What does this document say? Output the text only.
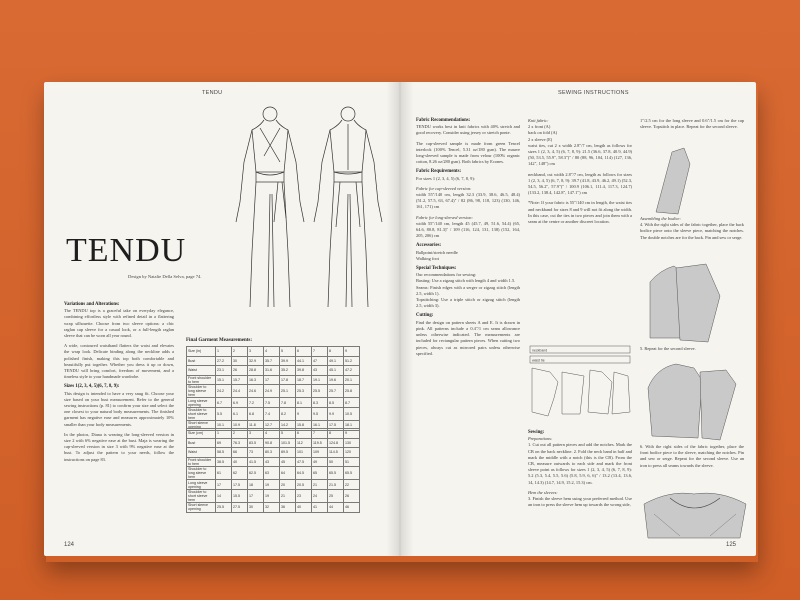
TENDU
TENDU
Design by Natalie Della Selva, page 74.
Variations and Alterations:

The TENDU top is a graceful take on everyday elegance, combining effortless style with refined detail in a flattering wrap silhouette. Choose from two sleeve options: a chic raglan cap sleeve for a casual look, or a full-length raglan sleeve that can be worn all year round.

A wide, contoured waistband flatters the waist and elevates the wrap look. Delicate binding along the neckline adds a polished finish, making this top both comfortable and beautifully put together. Whether you dress it up or down, TENDU will bring comfort, freedom of movement, and a timeless style to your handmade wardrobe.

Sizes 1(2, 3, 4, 5)(6, 7, 8, 9):

This design is intended to have a very snug fit. Choose your size based on your bust measurement. Refer to the general sewing instructions (p. 81) to confirm your size and select the one closest to your natural body measurements. The finished garment has negative ease and measures approximately 10% smaller than your body measurements.

In the photos, Diana is wearing the long-sleeved version in size 2 with 6% negative ease at the bust. Maja is wearing the cap-sleeved version in size 3 with 9% negative ease at the bust. To adjust the pattern to your needs, follow the instructions on page 83.

Final Garment Measurements:
Size (in)	1	2	3	4	5	6	7	8	9
Bust	27.2	30	32.9	35.7	39.9	44.1	47	49.1	51.2
Waist	23.1	26	28.8	31.6	35.2	39.8	43	45.1	47.2
Front shoulder to hem	15.1	15.7	16.3	17	17.8	18.7	19.1	19.6	20.1
Shoulder to long sleeve hem	24.2	24.4	24.6	24.9	25.1	25.3	25.5	25.7	25.8
Long sleeve opening	6.7	6.9	7.2	7.5	7.8	8.1	8.3	8.5	8.7
Shoulder to short sleeve hem	5.5	6.1	6.8	7.4	8.2	9	9.5	9.9	10.5
Short sleeve opening	10.1	10.9	11.8	12.7	14.2	15.8	16.1	17.5	18.1
Size (cm)	1	2	3	4	5	6	7	8	9
Bust	69	76.3	83.5	90.8	101.5	112	119.5	124.8	130
Waist	58.5	66	73	80.3	89.5	101	109	114.5	120
Front shoulder to hem	38.5	40	41.5	43	45	47.5	49	50	51
Shoulder to long sleeve hem	61	62	62.5	63	64	64.5	65	65.5	65.5
Long sleeve opening	17	17.5	18	19	20	20.5	21	21.5	22
Shoulder to short sleeve hem	14	15.5	17	19	21	23	24	25	26
Short sleeve opening	25.5	27.5	30	32	36	40	41	44	46
124
SEWING INSTRUCTIONS
Fabric Recommendations:

TENDU works best in knit fabrics with 40% stretch and good recovery. Consider using jersey or stretch ponte.

The cap-sleeved sample is made from green Tencel interlock (100% Tencel, 5.31 oz/180 gsm). The mauve long-sleeved sample is made from velour (100% organic cotton, 8.26 oz/280 gsm). Both fabrics by Econes.

Fabric Requirements:

For sizes 1 (2, 3, 4, 5) (6, 7, 8, 9):

Fabric for cap-sleeved version:

width 55"/140 cm, length 32.3 (33.9, 38.6, 46.5, 48.4) (51.2, 57.5, 63, 67.4)" / 82 (86, 98, 118, 123) (130, 146, 161, 171) cm

Fabric for long-sleeved version:

width 55"/140 cm, length 45 (45.7, 49, 51.6, 54.4) (65, 64.6, 80.8, 81.3)" / 109 (116, 124, 131, 138) (152, 164, 205, 206) cm

Accessories:

Ballpoint/stretch needle
Walking foot

Special Techniques:

Our recommendations for sewing:

Basting: Use a zigzag stitch with length 4 and width 1.5.

Seams: Finish edges with a serger or zigzag stitch (length 2.5, width 1).

Topstitching: Use a triple stitch or zigzag stitch (length 2.5, width 3).

Cutting:

Find the design on pattern sheets A and E. It is drawn in pink. All patterns include a 0.4"/1 cm seam allowance unless otherwise indicated. The measurements are included for rectangular pattern pieces. When cutting two pieces, always cut as mirrored pairs unless otherwise specified.

Knit fabric:

2 x front (A)
back on fold (A)
2 x sleeve (E)

waist ties, cut 2 x width 2.8"/7 cm, length as follows for sizes 1 (2, 3, 4, 5) (6, 7, 8, 9): 21.5 (36.6, 37.8, 40.9, 44.9) (50, 53.5, 55.9", 58.3")" / 80 (88, 96, 104, 114) (127, 136, 142", 148") cm

neckband, cut width 2.8"/7 cm, length as follows for sizes 1 (2, 3, 4, 5) (6, 7, 8, 9): 39.7 (41.8, 43.9, 46.2, 49.1) (52.3, 54.5, 56.2", 57.9")" / 100.9 (106.1, 111.4, 117.3, 124.7) (133.2, 138.4, 142.8", 147.1") cm

*Note: If your fabric is 55"/140 cm in length, the waist ties and neckband for sizes 8 and 9 will not fit along the width. In this case, cut the ties in two pieces and join them with a seam at the centre or another discreet location.

neckband
waist tie
Sewing:

Preparations:

1. Cut out all pattern pieces and add the notches. Mark the CB on the back neckline. 2. Fold the neck band in half and mark the middle with a notch (this is the CB). From the CB, measure outwards to each side and mark the front sleeve point as follows for sizes 1 (2, 3, 4, 5) (6, 7, 8, 9): 5.2 (5.3, 5.4, 5.5, 5.6) (5.8, 5.9, 6, 6)" / 13.2 (13.4, 13.6, 14, 14.3) (14.7, 14.9, 15.2, 15.3) cm.

Hem the sleeves:

3. Finish the sleeve hem using your preferred method. Use an iron to press the sleeve hem up towards the wrong side,

1"/2.5 cm for the long sleeve and 0.6"/1.5 cm for the cap sleeve. Topstitch in place. Repeat for the second sleeve.

Assembling the bodice:

4. With the right sides of the fabric together, place the back bodice piece onto the sleeve piece, matching the notches. The double notches are for the back. Pin and sew or serge.

5. Repeat for the second sleeve.

6. With the right sides of the fabric together, place the front bodice piece to the sleeve, matching the notches. Pin and sew or serge. Repeat for the second sleeve. Use an iron to press all seams towards the sleeve.

125
